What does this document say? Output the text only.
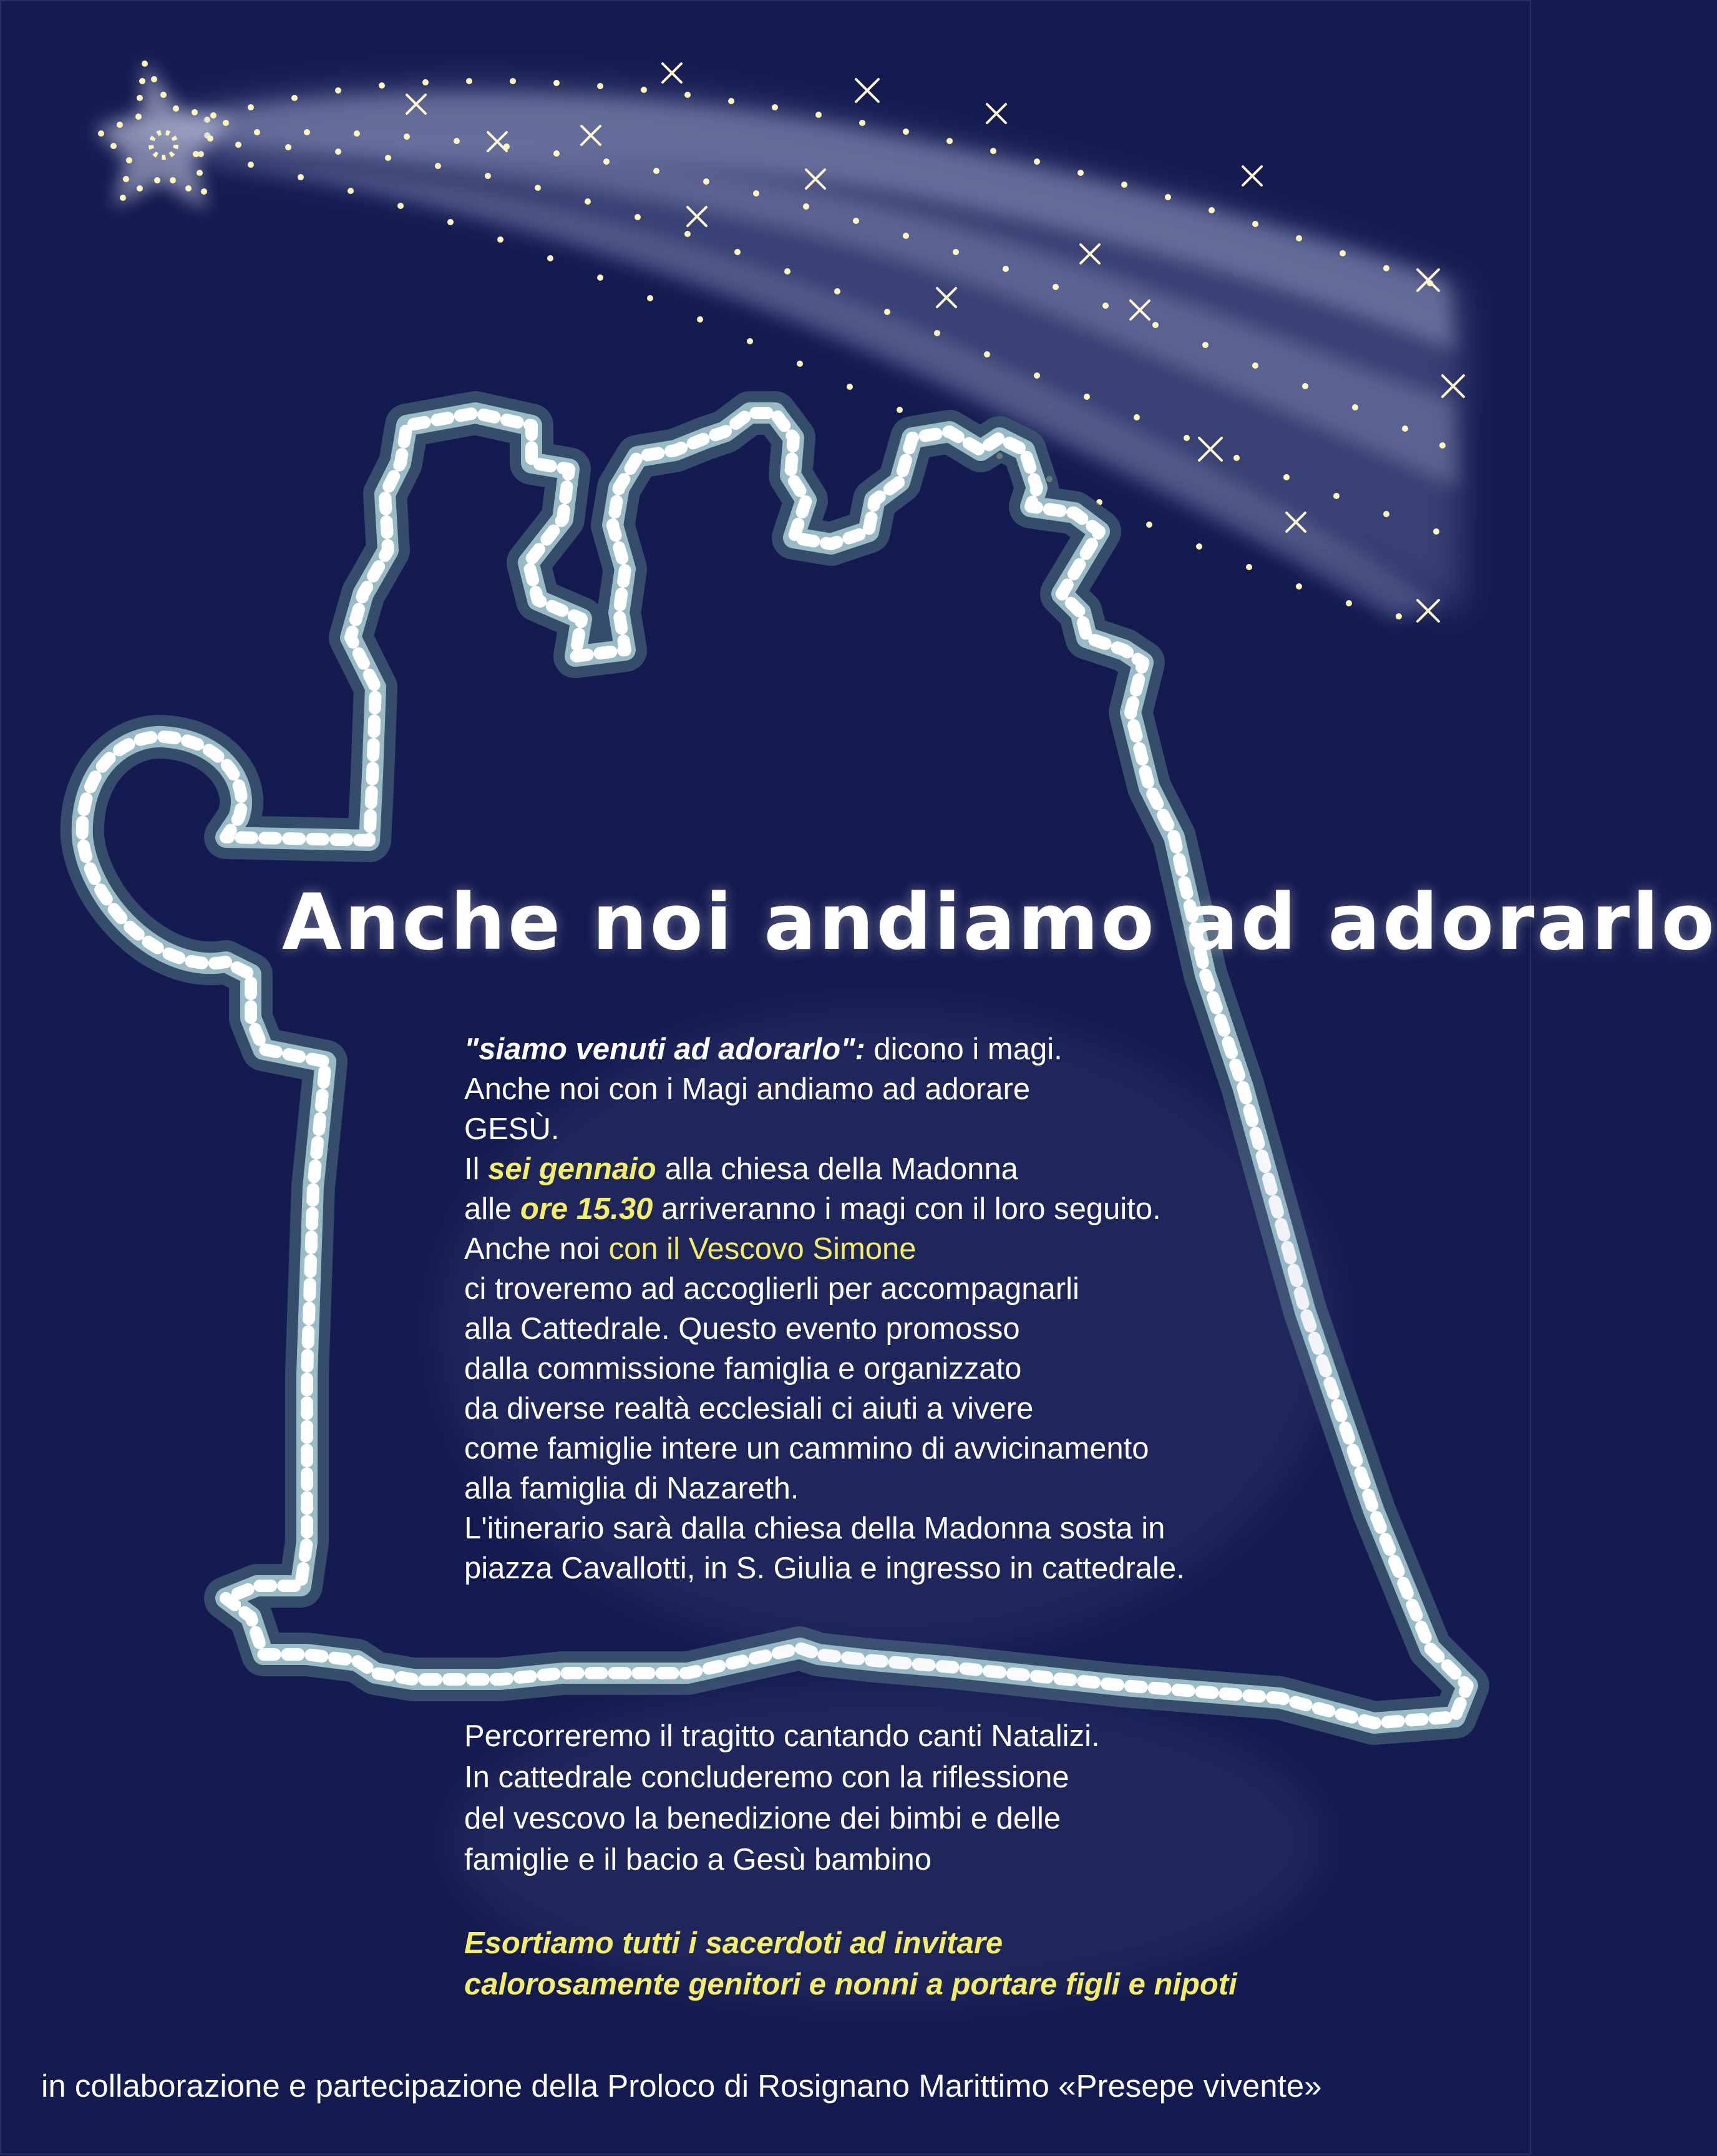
Anche noi andiamo ad adorarlo

"siamo venuti ad adorarlo": dicono i magi.

Anche noi con i Magi andiamo ad adorare

GESÙ.

Il sei gennaio alla chiesa della Madonna

alle ore 15.30 arriveranno i magi con il loro seguito.

Anche noi con il Vescovo Simone

ci troveremo ad accoglierli per accompagnarli

alla Cattedrale. Questo evento promosso

dalla commissione famiglia e organizzato

da diverse realtà ecclesiali ci aiuti a vivere

come famiglie intere un cammino di avvicinamento

alla famiglia di Nazareth.

L'itinerario sarà dalla chiesa della Madonna sosta in

piazza Cavallotti, in S. Giulia e ingresso in cattedrale.

Percorreremo il tragitto cantando canti Natalizi.

In cattedrale concluderemo con la riflessione

del vescovo la benedizione dei bimbi e delle

famiglie e il bacio a Gesù bambino

Esortiamo tutti i sacerdoti ad invitare

calorosamente genitori e nonni a portare figli e nipoti

in collaborazione e partecipazione della Proloco di Rosignano Marittimo «Presepe vivente»
